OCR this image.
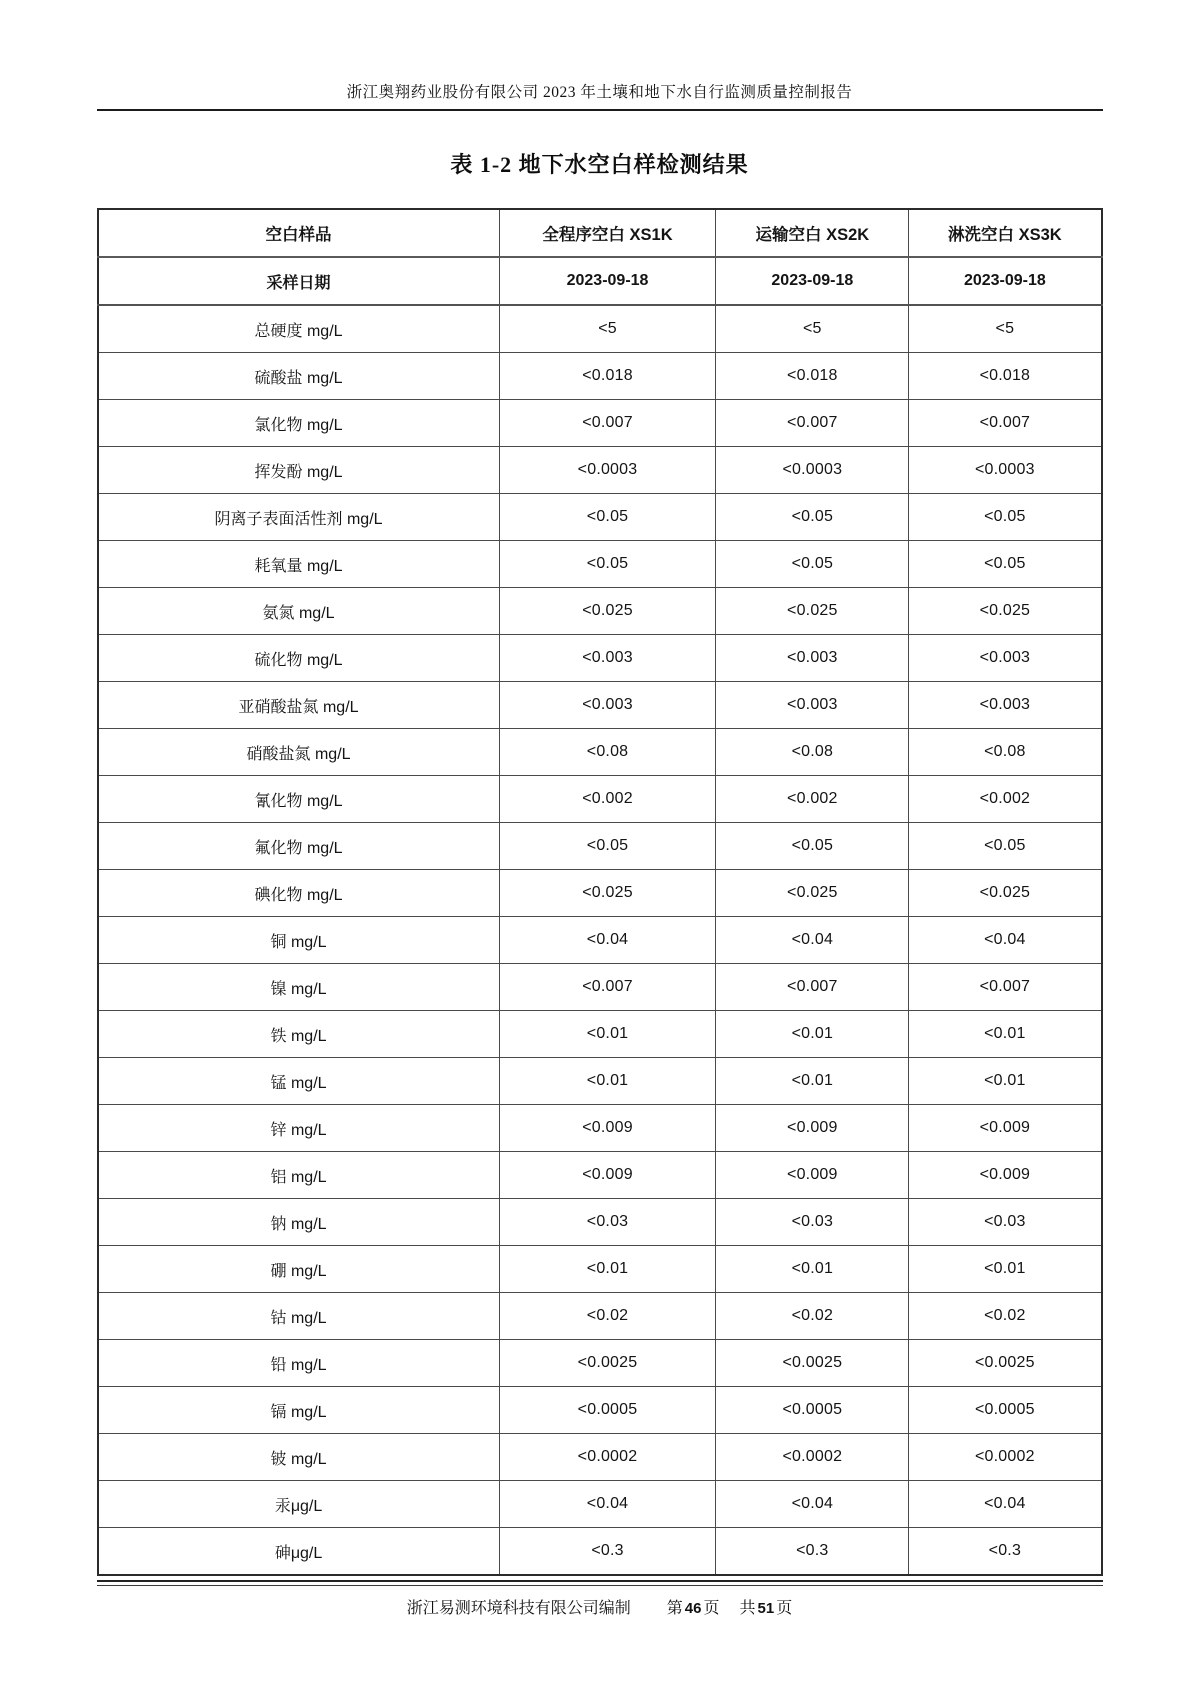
浙江奥翔药业股份有限公司 2023 年土壤和地下水自行监测质量控制报告
表 1-2 地下水空白样检测结果
空白样品	全程序空白 XS1K	运输空白 XS2K	淋洗空白 XS3K
采样日期	2023-09-18	2023-09-18	2023-09-18
总硬度 mg/L	<5	<5	<5
硫酸盐 mg/L	<0.018	<0.018	<0.018
氯化物 mg/L	<0.007	<0.007	<0.007
挥发酚 mg/L	<0.0003	<0.0003	<0.0003
阴离子表面活性剂 mg/L	<0.05	<0.05	<0.05
耗氧量 mg/L	<0.05	<0.05	<0.05
氨氮 mg/L	<0.025	<0.025	<0.025
硫化物 mg/L	<0.003	<0.003	<0.003
亚硝酸盐氮 mg/L	<0.003	<0.003	<0.003
硝酸盐氮 mg/L	<0.08	<0.08	<0.08
氰化物 mg/L	<0.002	<0.002	<0.002
氟化物 mg/L	<0.05	<0.05	<0.05
碘化物 mg/L	<0.025	<0.025	<0.025
铜 mg/L	<0.04	<0.04	<0.04
镍 mg/L	<0.007	<0.007	<0.007
铁 mg/L	<0.01	<0.01	<0.01
锰 mg/L	<0.01	<0.01	<0.01
锌 mg/L	<0.009	<0.009	<0.009
铝 mg/L	<0.009	<0.009	<0.009
钠 mg/L	<0.03	<0.03	<0.03
硼 mg/L	<0.01	<0.01	<0.01
钴 mg/L	<0.02	<0.02	<0.02
铅 mg/L	<0.0025	<0.0025	<0.0025
镉 mg/L	<0.0005	<0.0005	<0.0005
铍 mg/L	<0.0002	<0.0002	<0.0002
汞μg/L	<0.04	<0.04	<0.04
砷μg/L	<0.3	<0.3	<0.3
浙江易测环境科技有限公司编制 第 46 页 共 51 页
